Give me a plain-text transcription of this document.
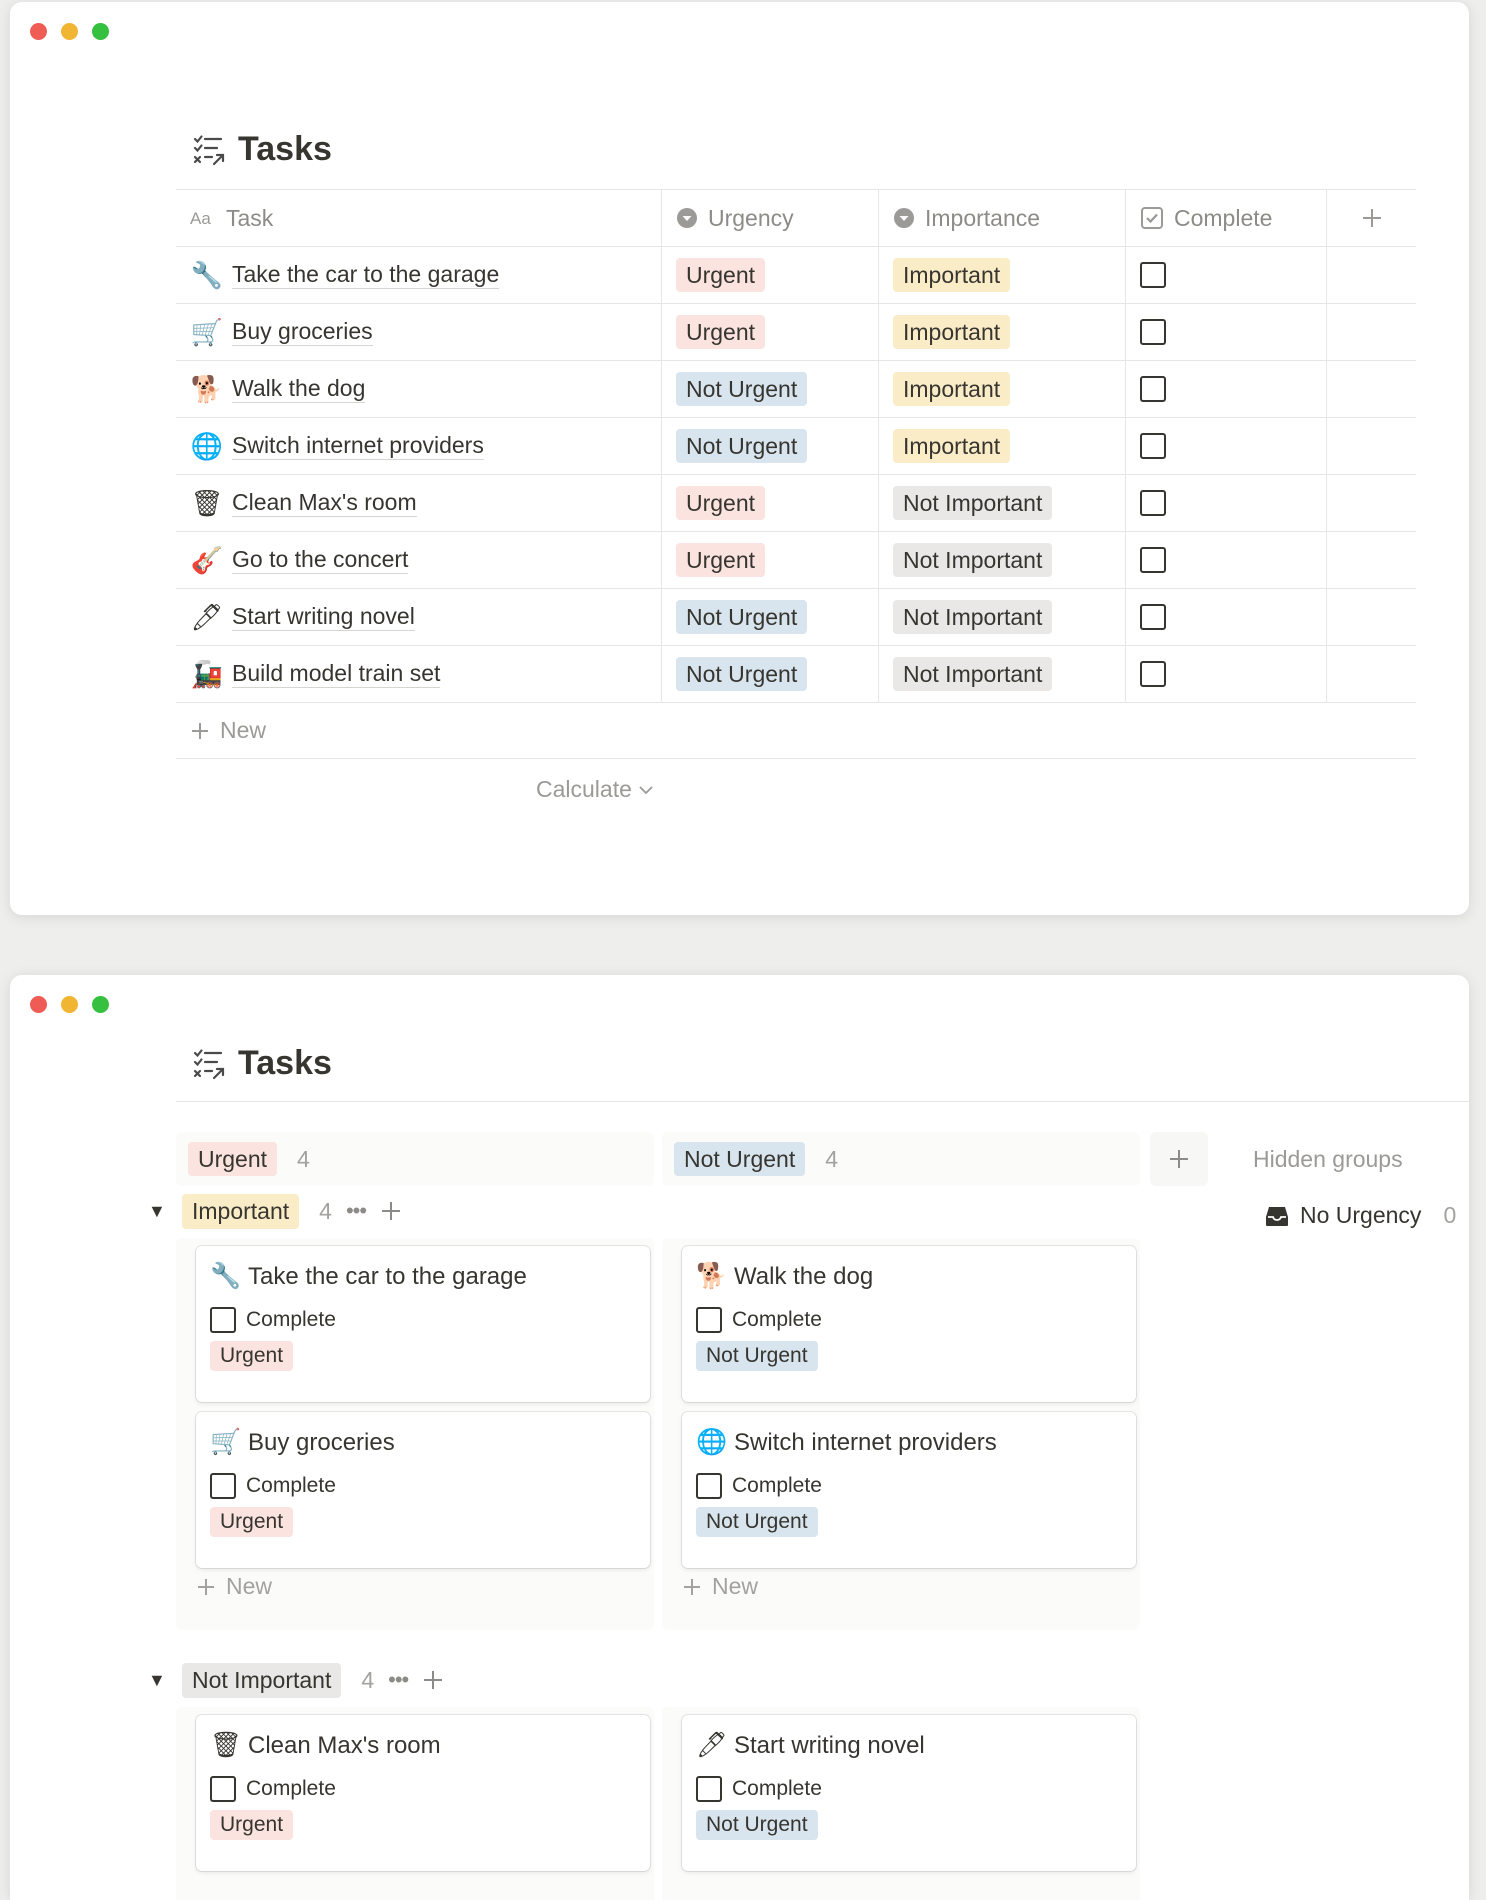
Tasks
Aa Task	Urgency	Importance	Complete
🔧 Take the car to the garage	Urgent	Important
🛒 Buy groceries	Urgent	Important
🐕 Walk the dog	Not Urgent	Important
🌐 Switch internet providers	Not Urgent	Important
🗑 Clean Max's room	Urgent	Not Important
🎸 Go to the concert	Urgent	Not Important
🖊 Start writing novel	Not Urgent	Not Important
🚂 Build model train set	Not Urgent	Not Important
New
Calculate
Tasks
Urgent	4	Not Urgent	4	Hidden groups
No Urgency 0
▼	Important	4 •••
🔧 Take the car to the garage
Complete
Urgent
🛒 Buy groceries
Complete
Urgent
🐕 Walk the dog
Complete
Not Urgent
🌐 Switch internet providers
Complete
Not Urgent
New	New
▼	Not Important	4 •••
🗑 Clean Max's room
Complete
Urgent
🖊 Start writing novel
Complete
Not Urgent
